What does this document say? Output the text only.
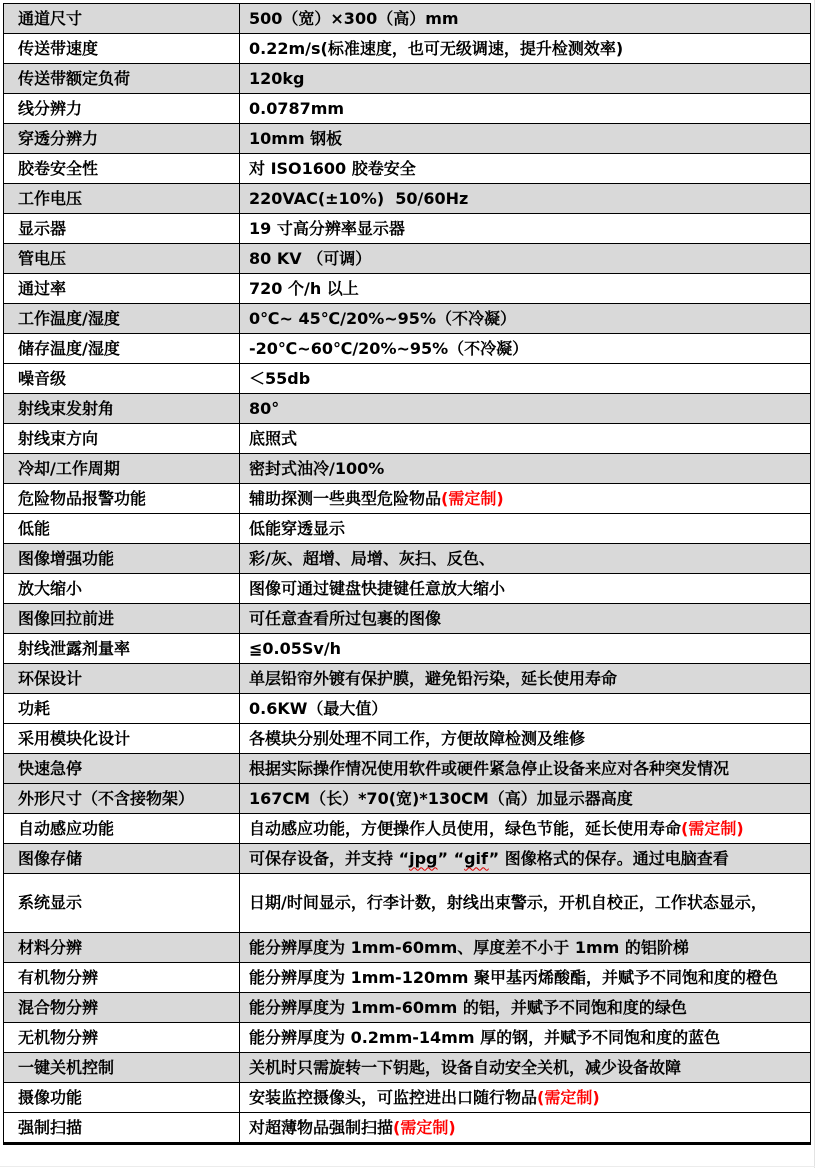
通道尺寸	500（宽）×300（高）mm
传送带速度	0.22m/s(标准速度，也可无级调速，提升检测效率)
传送带额定负荷	120kg
线分辨力	0.0787mm
穿透分辨力	10mm 钢板
胶卷安全性	对 ISO1600 胶卷安全
工作电压	220VAC(±10%)  50/60Hz
显示器	19 寸高分辨率显示器
管电压	80 KV （可调）
通过率	720 个/h 以上
工作温度/湿度	0℃~ 45℃/20%~95%（不冷凝）
储存温度/湿度	-20℃~60℃/20%~95%（不冷凝）
噪音级	＜55db
射线束发射角	80°
射线束方向	底照式
冷却/工作周期	密封式油冷/100%
危险物品报警功能	辅助探测一些典型危险物品(需定制)
低能	低能穿透显示
图像增强功能	彩/灰、超增、局增、灰扫、反色、
放大缩小	图像可通过键盘快捷键任意放大缩小
图像回拉前进	可任意查看所过包裹的图像
射线泄露剂量率	≦0.05Sv/h
环保设计	单层铅帘外镀有保护膜，避免铅污染，延长使用寿命
功耗	0.6KW（最大值）
采用模块化设计	各模块分别处理不同工作，方便故障检测及维修
快速急停	根据实际操作情况使用软件或硬件紧急停止设备来应对各种突发情况
外形尺寸（不含接物架）	167CM（长）*70(宽)*130CM（高）加显示器高度
自动感应功能	自动感应功能，方便操作人员使用，绿色节能，延长使用寿命(需定制)
图像存储	可保存设备，并支持 “jpg” “gif” 图像格式的保存。通过电脑查看
系统显示	日期/时间显示，行李计数，射线出束警示，开机自校正，工作状态显示，
材料分辨	能分辨厚度为 1mm-60mm、厚度差不小于 1mm 的铝阶梯
有机物分辨	能分辨厚度为 1mm-120mm 聚甲基丙烯酸酯，并赋予不同饱和度的橙色
混合物分辨	能分辨厚度为 1mm-60mm 的铝，并赋予不同饱和度的绿色
无机物分辨	能分辨厚度为 0.2mm-14mm 厚的钢，并赋予不同饱和度的蓝色
一键关机控制	关机时只需旋转一下钥匙，设备自动安全关机，减少设备故障
摄像功能	安装监控摄像头，可监控进出口随行物品(需定制)
强制扫描	对超薄物品强制扫描(需定制)
